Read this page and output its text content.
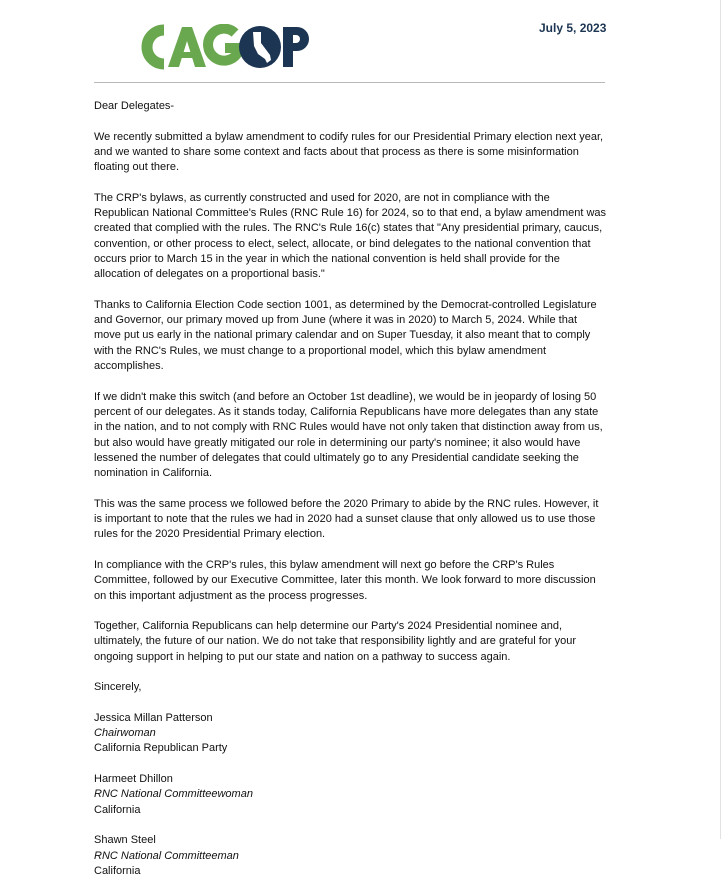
July 5, 2023

Dear Delegates-

We recently submitted a bylaw amendment to codify rules for our Presidential Primary election next year, and we wanted to share some context and facts about that process as there is some misinformation floating out there.

The CRP's bylaws, as currently constructed and used for 2020, are not in compliance with the Republican National Committee's Rules (RNC Rule 16) for 2024, so to that end, a bylaw amendment was created that complied with the rules. The RNC's Rule 16(c) states that "Any presidential primary, caucus, convention, or other process to elect, select, allocate, or bind delegates to the national convention that occurs prior to March 15 in the year in which the national convention is held shall provide for the allocation of delegates on a proportional basis."

Thanks to California Election Code section 1001, as determined by the Democrat-controlled Legislature and Governor, our primary moved up from June (where it was in 2020) to March 5, 2024. While that move put us early in the national primary calendar and on Super Tuesday, it also meant that to comply with the RNC's Rules, we must change to a proportional model, which this bylaw amendment accomplishes.

If we didn't make this switch (and before an October 1st deadline), we would be in jeopardy of losing 50 percent of our delegates. As it stands today, California Republicans have more delegates than any state in the nation, and to not comply with RNC Rules would have not only taken that distinction away from us, but also would have greatly mitigated our role in determining our party's nominee; it also would have lessened the number of delegates that could ultimately go to any Presidential candidate seeking the nomination in California.

This was the same process we followed before the 2020 Primary to abide by the RNC rules. However, it is important to note that the rules we had in 2020 had a sunset clause that only allowed us to use those rules for the 2020 Presidential Primary election.

In compliance with the CRP's rules, this bylaw amendment will next go before the CRP's Rules Committee, followed by our Executive Committee, later this month. We look forward to more discussion on this important adjustment as the process progresses.

Together, California Republicans can help determine our Party's 2024 Presidential nominee and, ultimately, the future of our nation. We do not take that responsibility lightly and are grateful for your ongoing support in helping to put our state and nation on a pathway to success again.

Sincerely,

Jessica Millan Patterson
Chairwoman
California Republican Party
Harmeet Dhillon
RNC National Committeewoman
California
Shawn Steel
RNC National Committeeman
California
